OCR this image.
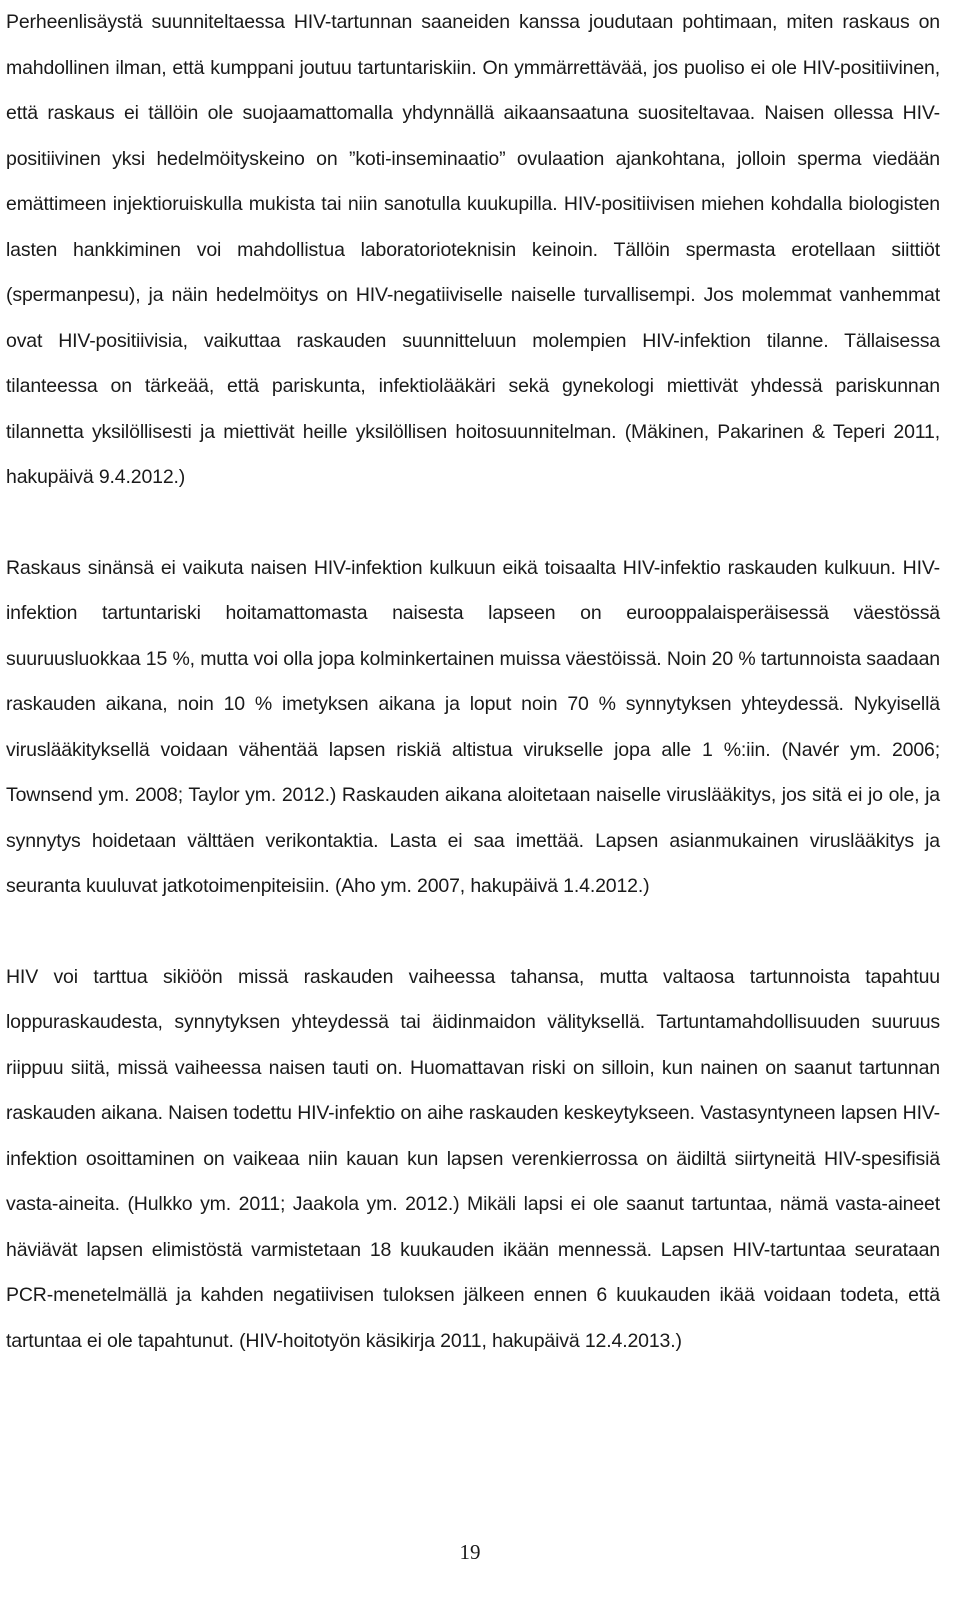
Perheenlisäystä suunniteltaessa HIV-tartunnan saaneiden kanssa joudutaan pohtimaan, miten raskaus on mahdollinen ilman, että kumppani joutuu tartuntariskiin. On ymmärrettävää, jos puoliso ei ole HIV-positiivinen, että raskaus ei tällöin ole suojaamattomalla yhdynnällä aikaansaatuna suositeltavaa. Naisen ollessa HIV-positiivinen yksi hedelmöityskeino on ”koti-inseminaatio” ovulaation ajankohtana, jolloin sperma viedään emättimeen injektioruiskulla mukista tai niin sanotulla kuukupilla. HIV-positiivisen miehen kohdalla biologisten lasten hankkiminen voi mahdollistua laboratorioteknisin keinoin. Tällöin spermasta erotellaan siittiöt (spermanpesu), ja näin hedelmöitys on HIV-negatiiviselle naiselle turvallisempi. Jos molemmat vanhemmat ovat HIV-positiivisia, vaikuttaa raskauden suunnitteluun molempien HIV-infektion tilanne. Tällaisessa tilanteessa on tärkeää, että pariskunta, infektiolääkäri sekä gynekologi miettivät yhdessä pariskunnan tilannetta yksilöllisesti ja miettivät heille yksilöllisen hoitosuunnitelman. (Mäkinen, Pakarinen & Teperi 2011, hakupäivä 9.4.2012.)

Raskaus sinänsä ei vaikuta naisen HIV-infektion kulkuun eikä toisaalta HIV-infektio raskauden kulkuun. HIV-infektion tartuntariski hoitamattomasta naisesta lapseen on eurooppalaisperäisessä väestössä suuruusluokkaa 15 %, mutta voi olla jopa kolminkertainen muissa väestöissä. Noin 20 % tartunnoista saadaan raskauden aikana, noin 10 % imetyksen aikana ja loput noin 70 % synnytyksen yhteydessä. Nykyisellä viruslääkityksellä voidaan vähentää lapsen riskiä altistua virukselle jopa alle 1 %:iin. (Navér ym. 2006; Townsend ym. 2008; Taylor ym. 2012.) Raskauden aikana aloitetaan naiselle viruslääkitys, jos sitä ei jo ole, ja synnytys hoidetaan välttäen verikontaktia. Lasta ei saa imettää. Lapsen asianmukainen viruslääkitys ja seuranta kuuluvat jatkotoimenpiteisiin. (Aho ym. 2007, hakupäivä 1.4.2012.)

HIV voi tarttua sikiöön missä raskauden vaiheessa tahansa, mutta valtaosa tartunnoista tapahtuu loppuraskaudesta, synnytyksen yhteydessä tai äidinmaidon välityksellä. Tartuntamahdollisuuden suuruus riippuu siitä, missä vaiheessa naisen tauti on. Huomattavan riski on silloin, kun nainen on saanut tartunnan raskauden aikana. Naisen todettu HIV-infektio on aihe raskauden keskeytykseen. Vastasyntyneen lapsen HIV-infektion osoittaminen on vaikeaa niin kauan kun lapsen verenkierrossa on äidiltä siirtyneitä HIV-spesifisiä vasta-aineita. (Hulkko ym. 2011; Jaakola ym. 2012.) Mikäli lapsi ei ole saanut tartuntaa, nämä vasta-aineet häviävät lapsen elimistöstä varmistetaan 18 kuukauden ikään mennessä. Lapsen HIV-tartuntaa seurataan PCR-menetelmällä ja kahden negatiivisen tuloksen jälkeen ennen 6 kuukauden ikää voidaan todeta, että tartuntaa ei ole tapahtunut. (HIV-hoitotyön käsikirja 2011, hakupäivä 12.4.2013.)

19
